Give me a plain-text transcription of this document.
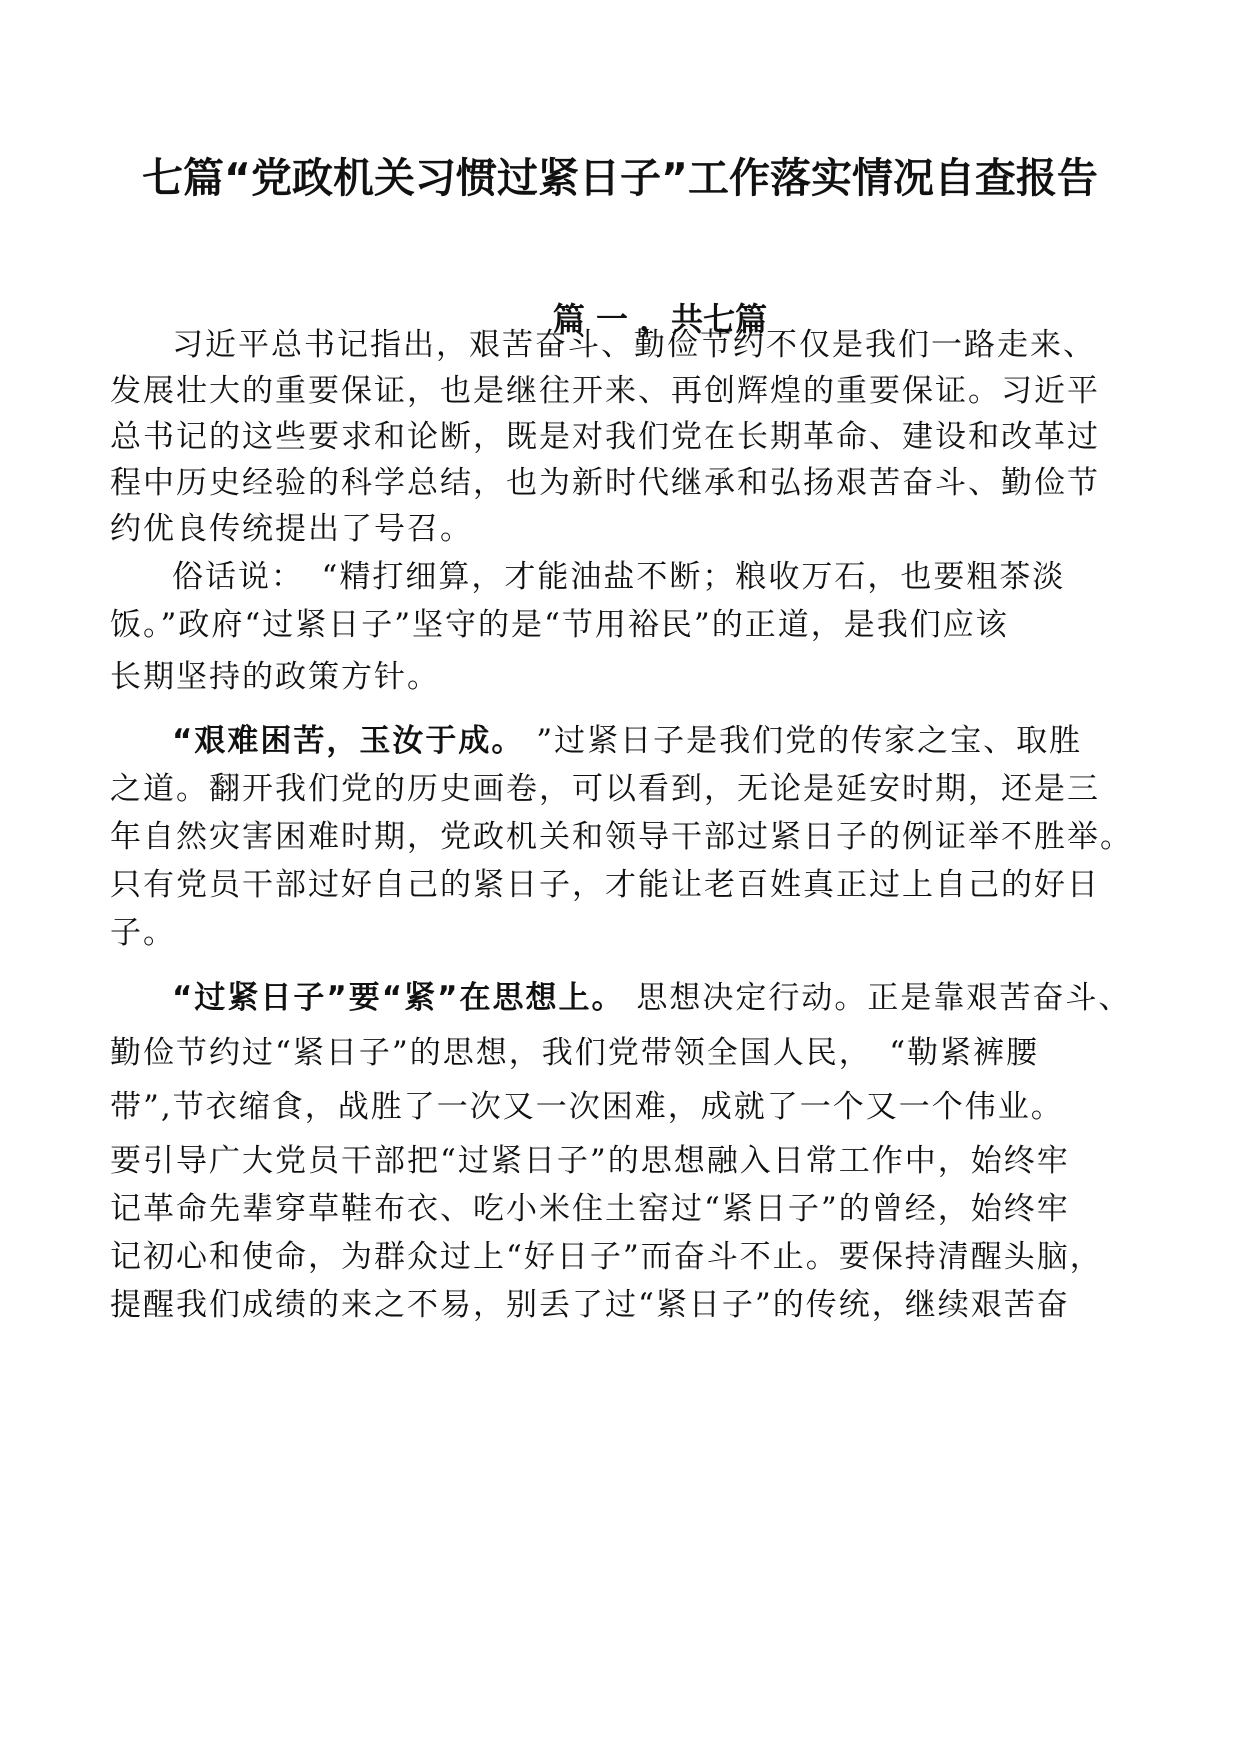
七篇“党政机关习惯过紧日子”工作落实情况自查报告
篇 一 ，共七篇
习近平总书记指出，艰苦奋斗、勤俭节约不仅是我们一路走来、
发展壮大的重要保证，也是继往开来、再创辉煌的重要保证。习近平
总书记的这些要求和论断，既是对我们党在长期革命、建设和改革过
程中历史经验的科学总结，也为新时代继承和弘扬艰苦奋斗、勤俭节
约优良传统提出了号召。
俗话说：　“精打细算，才能油盐不断；粮收万石，也要粗茶淡
饭。”政府“过紧日子”坚守的是“节用裕民”的正道，是我们应该
长期坚持的政策方针。
“艰难困苦，玉汝于成。 ”过紧日子是我们党的传家之宝、取胜
之道。翻开我们党的历史画卷，可以看到，无论是延安时期，还是三
年自然灾害困难时期，党政机关和领导干部过紧日子的例证举不胜举。
只有党员干部过好自己的紧日子，才能让老百姓真正过上自己的好日
子。
“过紧日子”要“紧”在思想上。 思想决定行动。正是靠艰苦奋斗、
勤俭节约过“紧日子”的思想，我们党带领全国人民，　“勒紧裤腰
带”,节衣缩食，战胜了一次又一次困难，成就了一个又一个伟业。
要引导广大党员干部把“过紧日子”的思想融入日常工作中，始终牢
记革命先辈穿草鞋布衣、吃小米住土窑过“紧日子”的曾经，始终牢
记初心和使命，为群众过上“好日子”而奋斗不止。要保持清醒头脑，
提醒我们成绩的来之不易，别丢了过“紧日子”的传统，继续艰苦奋
